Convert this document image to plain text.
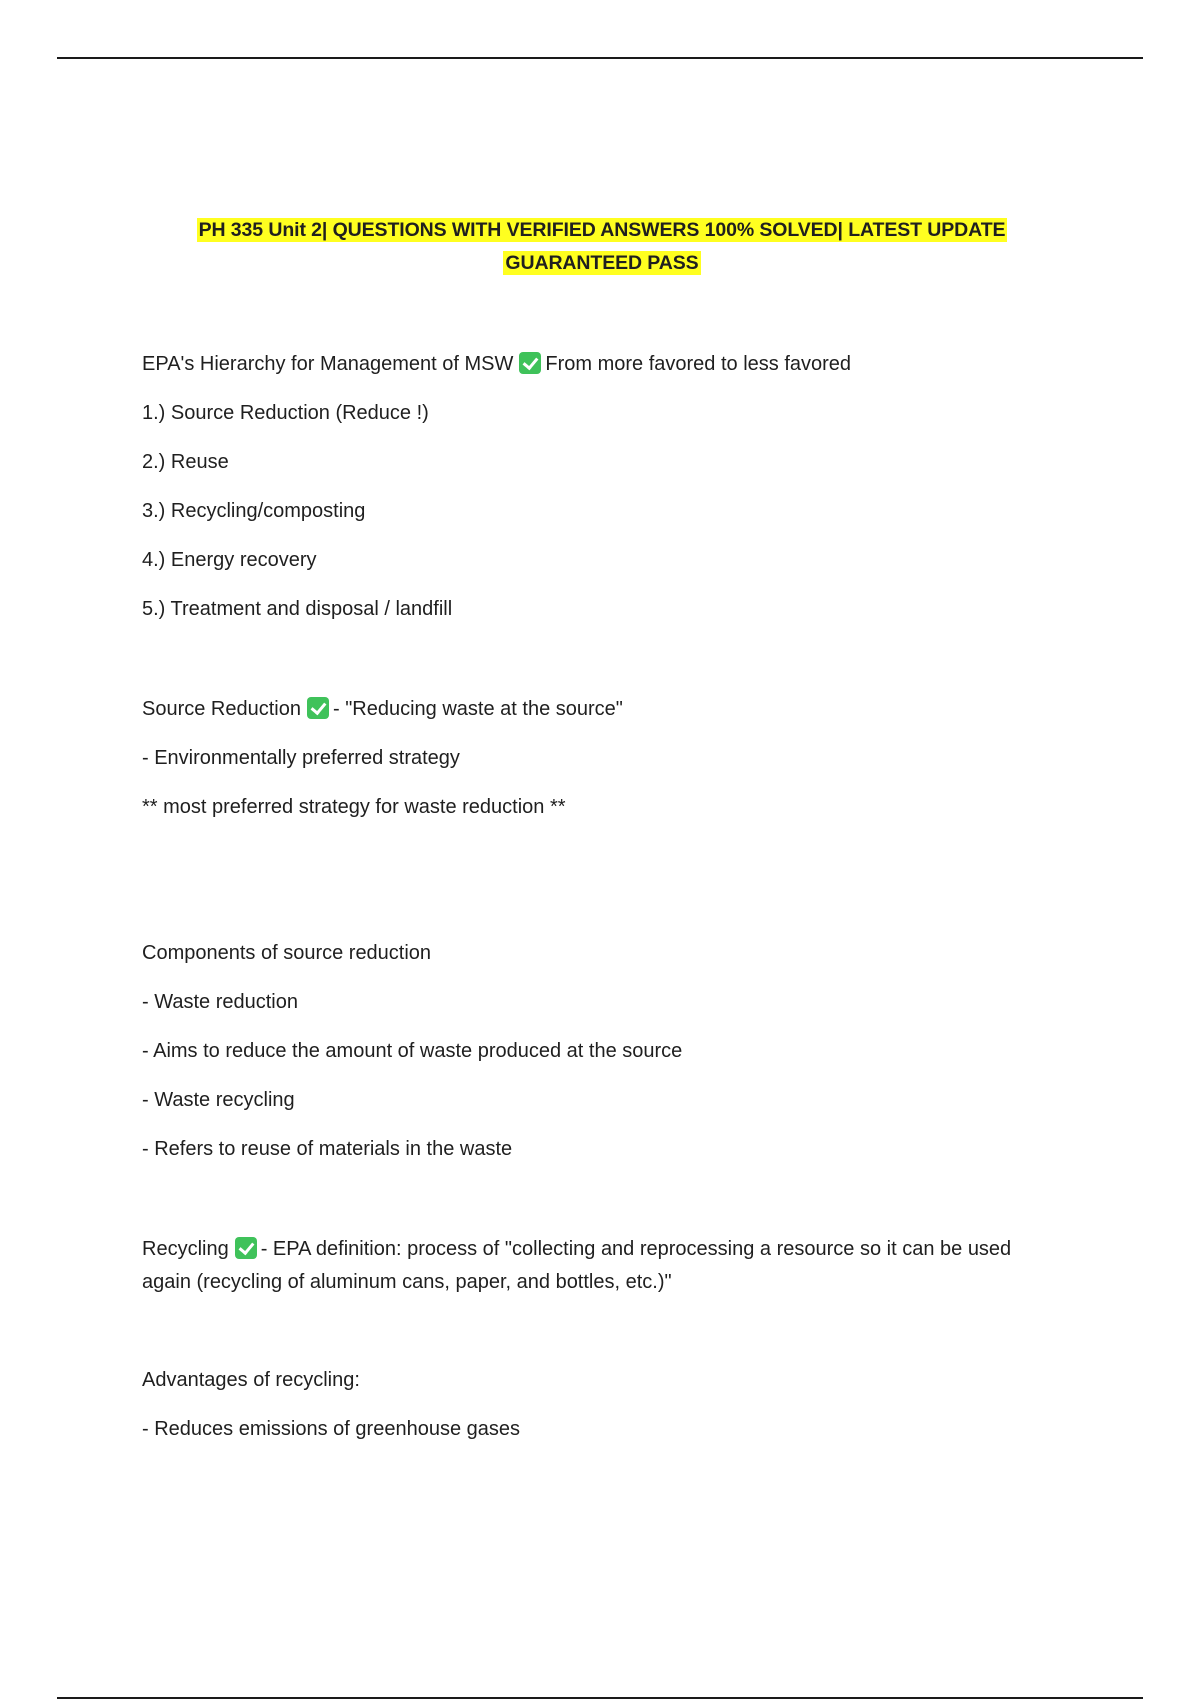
PH 335 Unit 2| QUESTIONS WITH VERIFIED ANSWERS 100% SOLVED| LATEST UPDATE
GUARANTEED PASS
EPA's Hierarchy for Management of MSW From more favored to less favored
1.) Source Reduction (Reduce !)
2.) Reuse
3.) Recycling/composting
4.) Energy recovery
5.) Treatment and disposal / landfill
Source Reduction - "Reducing waste at the source"
- Environmentally preferred strategy
** most preferred strategy for waste reduction **
Components of source reduction
- Waste reduction
- Aims to reduce the amount of waste produced at the source
- Waste recycling
- Refers to reuse of materials in the waste
Recycling - EPA definition: process of "collecting and reprocessing a resource so it can be used again (recycling of aluminum cans, paper, and bottles, etc.)"
Advantages of recycling:
- Reduces emissions of greenhouse gases
